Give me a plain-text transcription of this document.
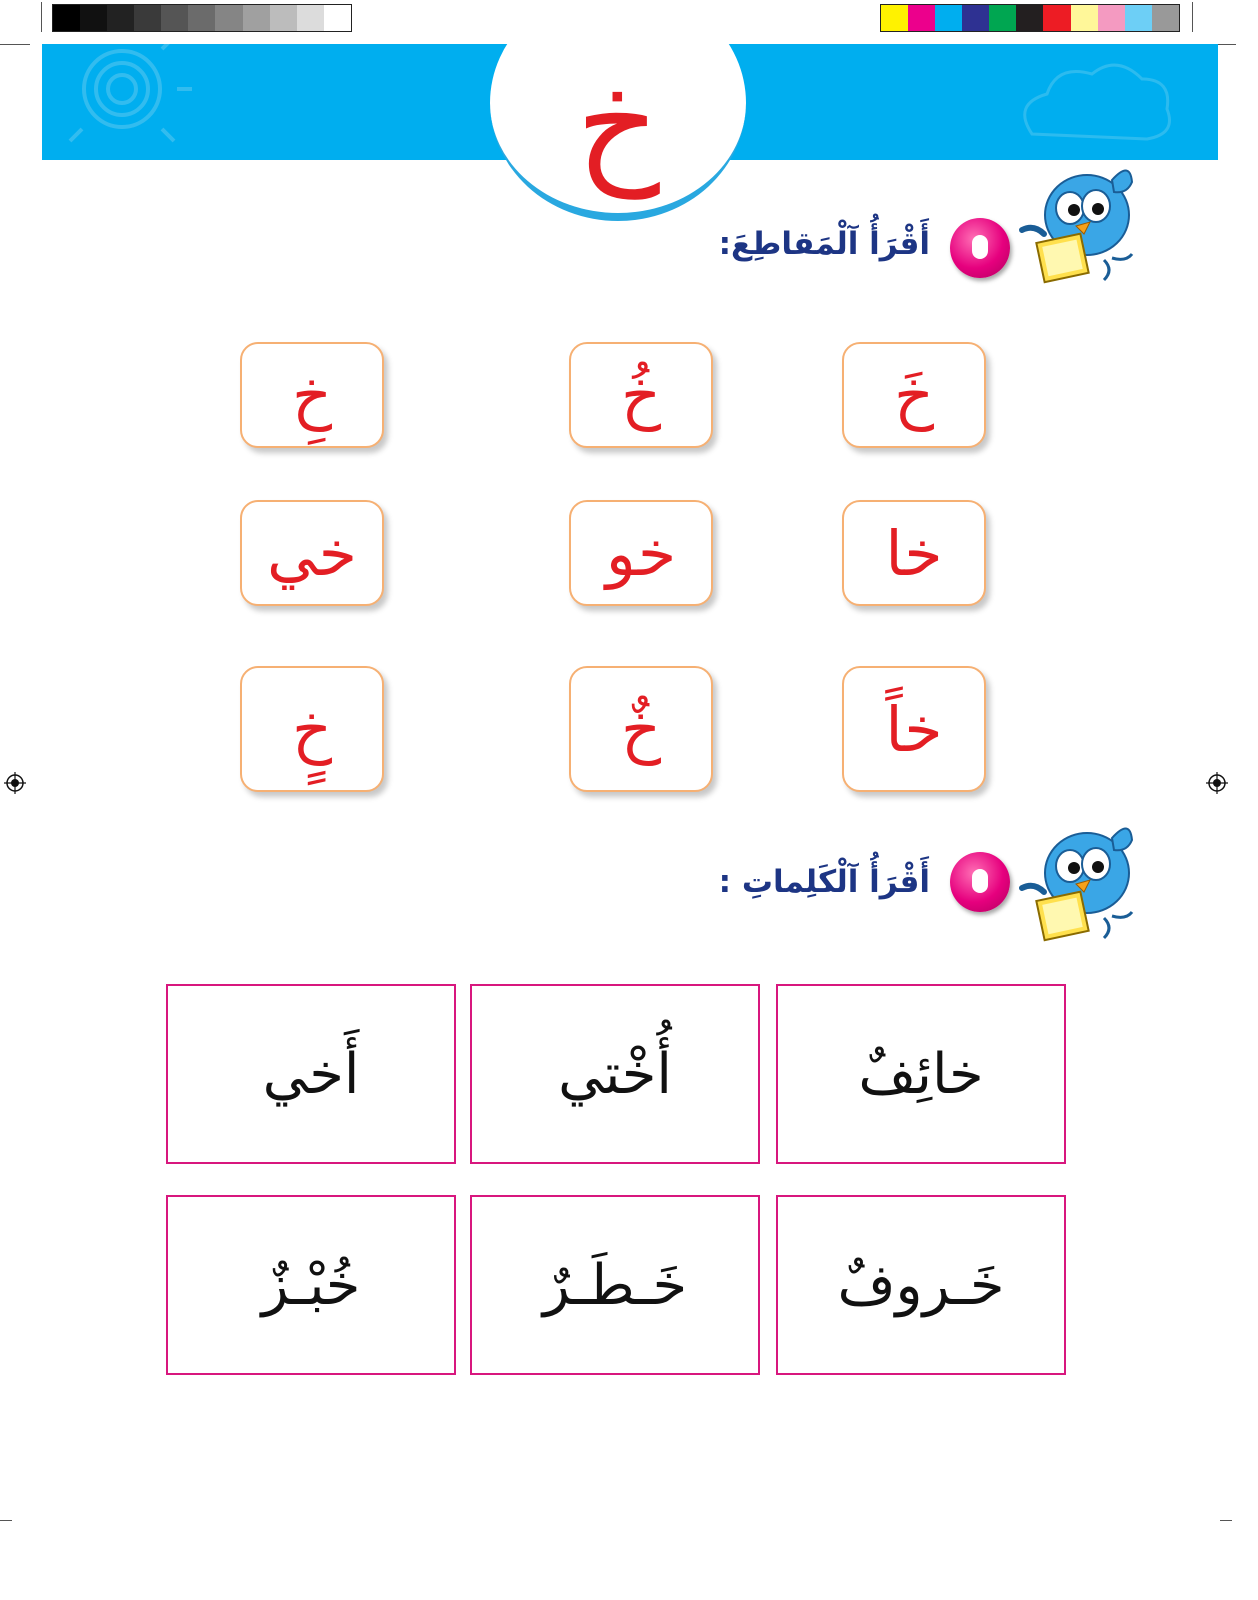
خ
أَقْرَأُ آلْمَقاطِعَ:
خَ
خُ
خِ
خا
خو
خي
خاً
خٌ
خٍ
أَقْرَأُ آلْكَلِماتِ :
خائِفٌ
أُخْتي
أَخي
خَـروفٌ
خَـطَـرٌ
خُبْـزٌ
